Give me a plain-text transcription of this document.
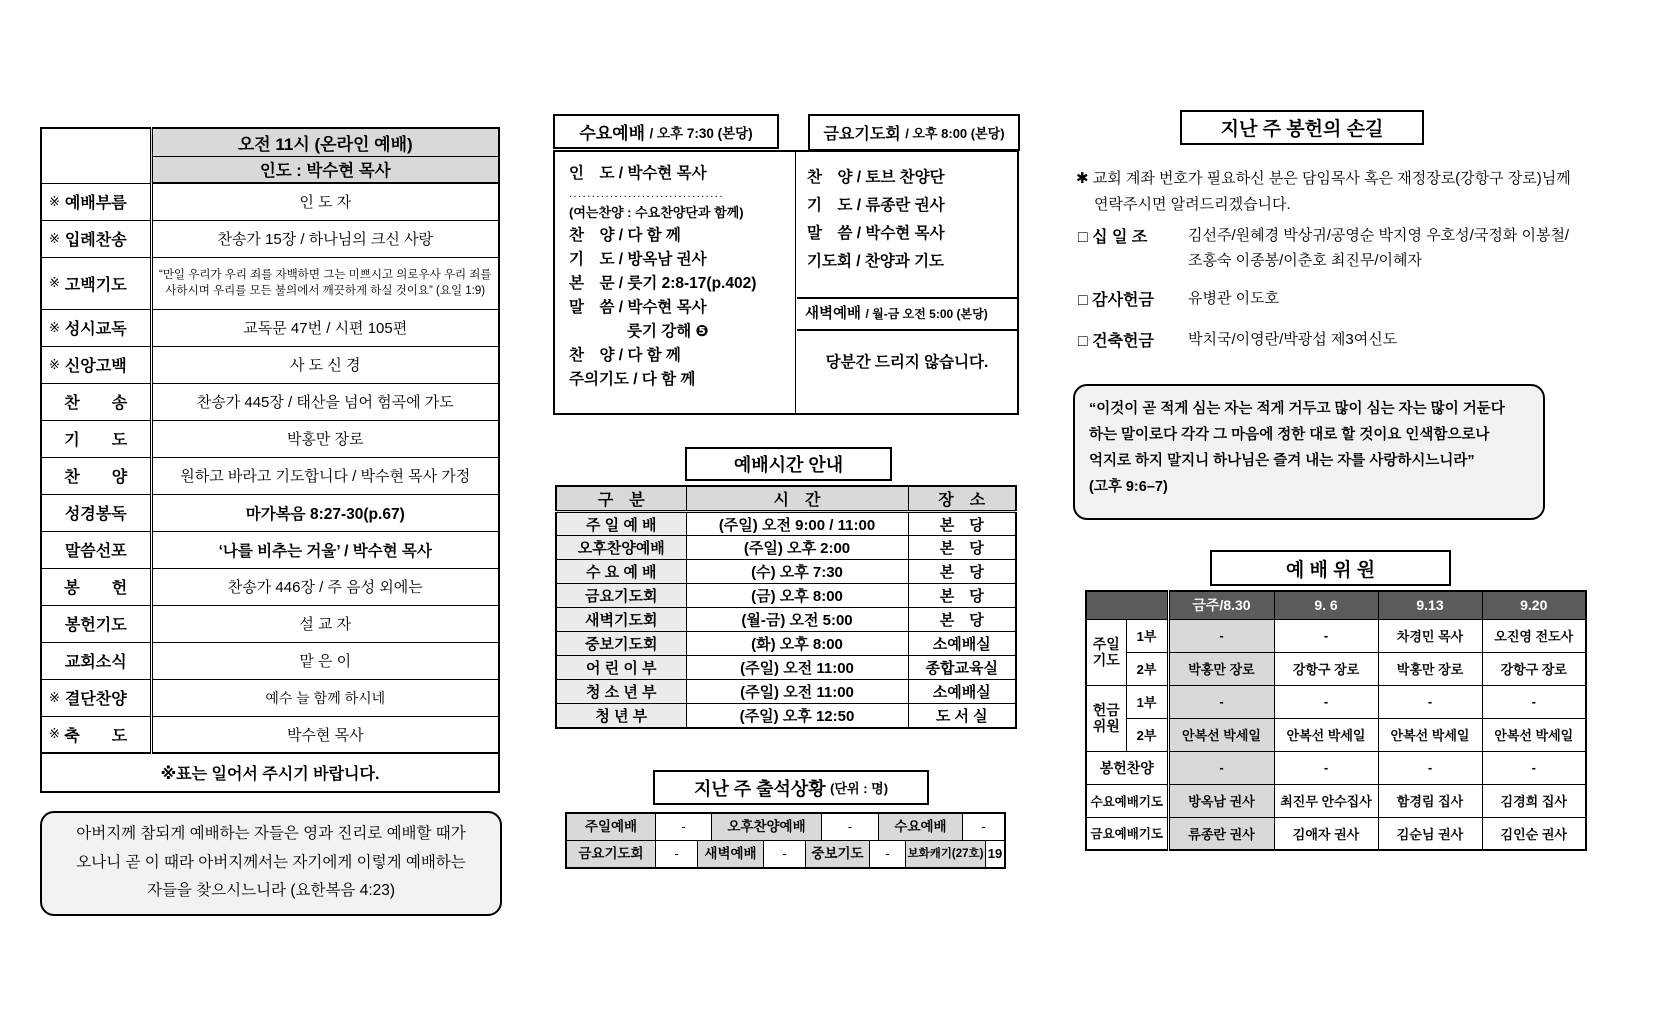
	오전 11시 (온라인 예배)
	인도 : 박수현 목사

※ 예배부름	인 도 자

※ 입례찬송	찬송가 15장 / 하나님의 크신 사랑

※ 고백기도	“만일 우리가 우리 죄를 자백하면 그는 미쁘시고 의로우사 우리 죄를 사하시며 우리를 모든 불의에서 깨끗하게 하실 것이요” (요일 1:9)

※ 성시교독	교독문 47번 / 시편 105편

※ 신앙고백	사 도 신 경

찬　　송	찬송가 445장 / 태산을 넘어 험곡에 가도

기　　도	박홍만 장로

찬　　양	원하고 바라고 기도합니다 / 박수현 목사 가정

성경봉독	마가복음 8:27-30(p.67)

말씀선포	‘나를 비추는 거울’ / 박수현 목사

봉　　헌	찬송가 446장 / 주 음성 외에는

봉헌기도	설 교 자

교회소식	맡 은 이

※ 결단찬양	예수 늘 함께 하시네

※ 축　　도	박수현 목사
※표는 일어서 주시기 바랍니다.	
아버지께 참되게 예배하는 자들은 영과 진리로 예배할 때가
오나니 곧 이 때라 아버지께서는 자기에게 이렇게 예배하는
자들을 찾으시느니라 (요한복음 4:23)
수요예배
/ 오후 7:30 (본당)	금요기도회
/ 오후 8:00 (본당)
인　도 / 박수현 목사
..................................
(여는찬양 : 수요찬양단과 함께)
찬　양 / 다 함 께
기　도 / 방옥남 권사
본　문 / 룻기 2:8-17(p.402)
말　씀 / 박수현 목사
룻기 강해 ❺
찬　양 / 다 함 께
주의기도 / 다 함 께
찬　양 / 토브 찬양단
기　도 / 류종란 권사
말　씀 / 박수현 목사
기도회 / 찬양과 기도
새벽예배 / 월-금 오전 5:00 (본당)
당분간 드리지 않습니다.
예배시간 안내
구　분	시　간	장　소
주 일 예 배	(주일) 오전 9:00 / 11:00	본　당
오후찬양예배	(주일) 오후 2:00	본　당
수 요 예 배	(수) 오후 7:30	본　당
금요기도회	(금) 오후 8:00	본　당
새벽기도회	(월-금) 오전 5:00	본　당
중보기도회	(화) 오후 8:00	소예배실
어 린 이 부	(주일) 오전 11:00	종합교육실
청 소 년 부	(주일) 오전 11:00	소예배실
청 년 부	(주일) 오후 12:50	도 서 실
지난 주 출석상황
(단위 : 명)
주일예배	-	오후찬양예배	-	수요예배	-
금요기도회	-	새벽예배	-	중보기도	-	보화캐기(27호) 19
지난 주 봉헌의 손길
✱ 교회 계좌 번호가 필요하신 분은 담임목사 혹은 재정장로(강항구 장로)님께
연락주시면 알려드리겠습니다.
□ 십 일 조	김선주/원혜경 박상귀/공영순 박지영 우호성/국정화 이봉철/
조홍숙 이종봉/이춘호 최진무/이혜자
□ 감사헌금	유병관 이도호
□ 건축헌금	박치국/이영란/박광섭 제3여신도
“이것이 곧 적게 심는 자는 적게 거두고 많이 심는 자는 많이 거둔다
하는 말이로다 각각 그 마음에 정한 대로 할 것이요 인색함으로나
억지로 하지 말지니 하나님은 즐겨 내는 자를 사랑하시느니라”
(고후 9:6–7)
예 배 위 원
		금주/8.30	9. 6	9.13	9.20
주일기도	1부	-	-	차경민 목사	오진영 전도사
	2부	박홍만 장로	강항구 장로	박홍만 장로	강항구 장로
헌금위원	1부	-	-	-	-
	2부	안복선 박세일	안복선 박세일	안복선 박세일	안복선 박세일
봉헌찬양		-	-	-	-
수요예배기도		방옥남 권사	최진무 안수집사	함경림 집사	김경희 집사
금요예배기도		류종란 권사	김애자 권사	김순님 권사	김인순 권사
